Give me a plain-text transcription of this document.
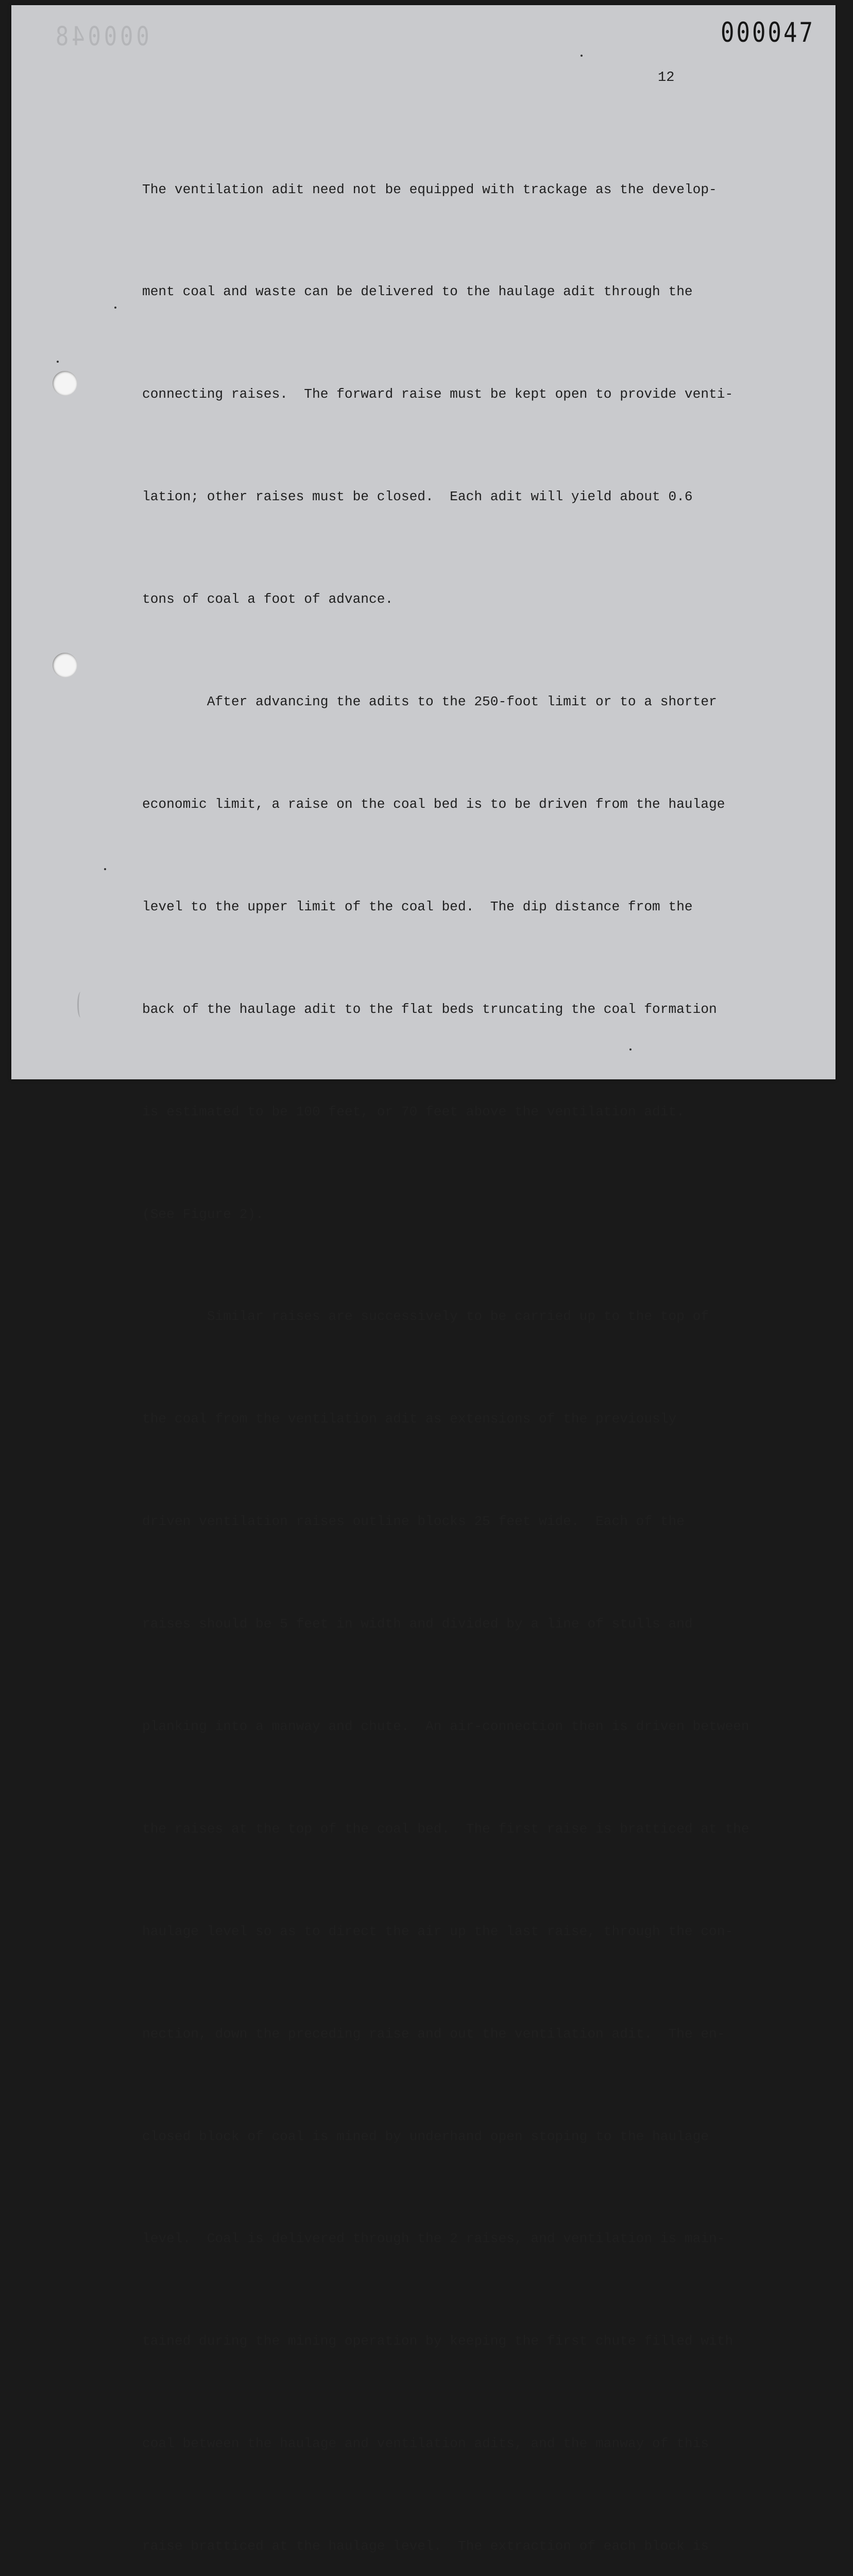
000048	000047
12

The ventilation adit need not be equipped with trackage as the develop-

ment coal and waste can be delivered to the haulage adit through the

connecting raises.  The forward raise must be kept open to provide venti-

lation; other raises must be closed.  Each adit will yield about 0.6

tons of coal a foot of advance.

After advancing the adits to the 250-foot limit or to a shorter

economic limit, a raise on the coal bed is to be driven from the haulage

level to the upper limit of the coal bed.  The dip distance from the

back of the haulage adit to the flat beds truncating the coal formation

is estimated to be 100 feet, or 70 feet above the ventilation adit.

(See Figure 2).

Similar raises are successively to be carried up to the top of

the coal from the ventilation adit as extensions of the previously

driven ventilation raises outline blocks 25 feet wide.  Each of the

raises should be 5 feet in width and divided by a line of stulls and

planking into a manway and chute.  An air-connection then is driven between

the raises at the top of the coal bed.  The first raise is bratticed at the

haulage level so as to direct the air up the last raise, through the con-

nection, down the preceding raise and out the ventilation adit.  The en-

closed block of coal is mined by underhand open stoping to the haulage

level.  Coal is delivered through the 2 raises, and ventilation is main-

tained during the mining operation by keeping the first chute filled with

coal between the haulage and ventilation adits, and the manway of this

raise bratticed at the haulage level.  The extraction of each block is
